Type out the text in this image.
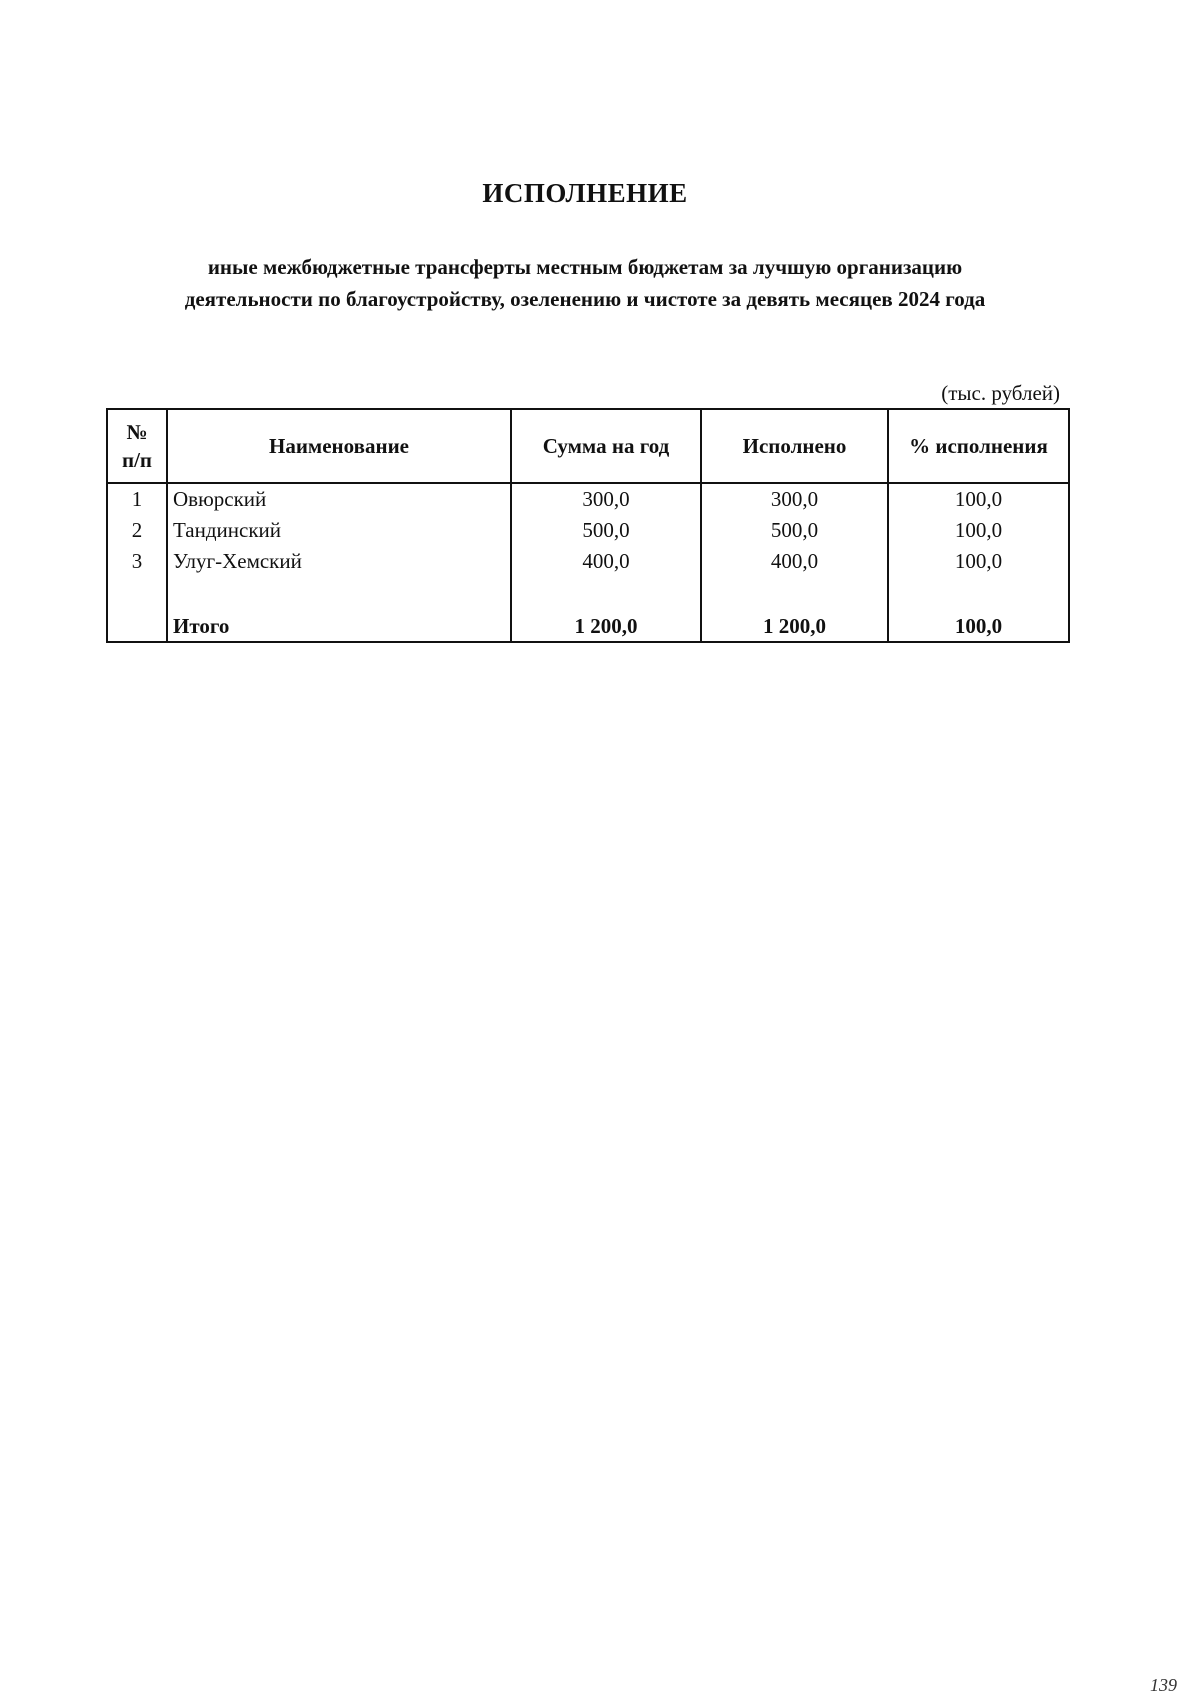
ИСПОЛНЕНИЕ
иные межбюджетные трансферты местным бюджетам за лучшую организацию
деятельности по благоустройству, озеленению и чистоте за девять месяцев 2024 года
(тыс. рублей)
№
п/п	Наименование	Сумма на год	Исполнено	% исполнения
1	Овюрский	300,0	300,0	100,0
2	Тандинский	500,0	500,0	100,0
3	Улуг-Хемский	400,0	400,0	100,0

	Итого	1 200,0	1 200,0	100,0
139
